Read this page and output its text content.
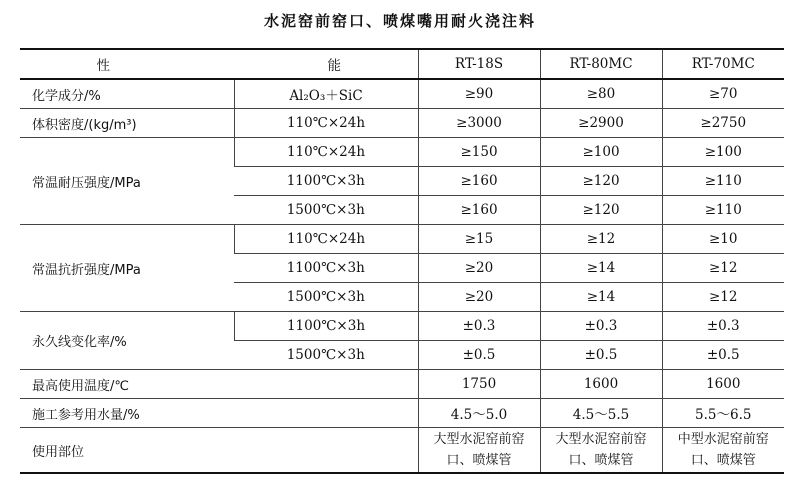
水泥窑前窑口、喷煤嘴用耐火浇注料
性　　　　　 能		RT-18S	RT-80MC	RT-70MC
化学成分/%	Al₂O₃＋SiC	≥90	≥80	≥70
体积密度/(kg/m³)	110℃×24h	≥3000	≥2900	≥2750
常温耐压强度/MPa	110℃×24h	≥150	≥100	≥100
	1100℃×3h	≥160	≥120	≥110
	1500℃×3h	≥160	≥120	≥110
常温抗折强度/MPa	110℃×24h	≥15	≥12	≥10
	1100℃×3h	≥20	≥14	≥12
	1500℃×3h	≥20	≥14	≥12
永久线变化率/%	1100℃×3h	±0.3	±0.3	±0.3
	1500℃×3h	±0.5	±0.5	±0.5
最高使用温度/℃		1750	1600	1600
施工参考用水量/%		4.5～5.0	4.5～5.5	5.5～6.5
使用部位		大型水泥窑前窑口、喷煤管	大型水泥窑前窑口、喷煤管	中型水泥窑前窑口、喷煤管
